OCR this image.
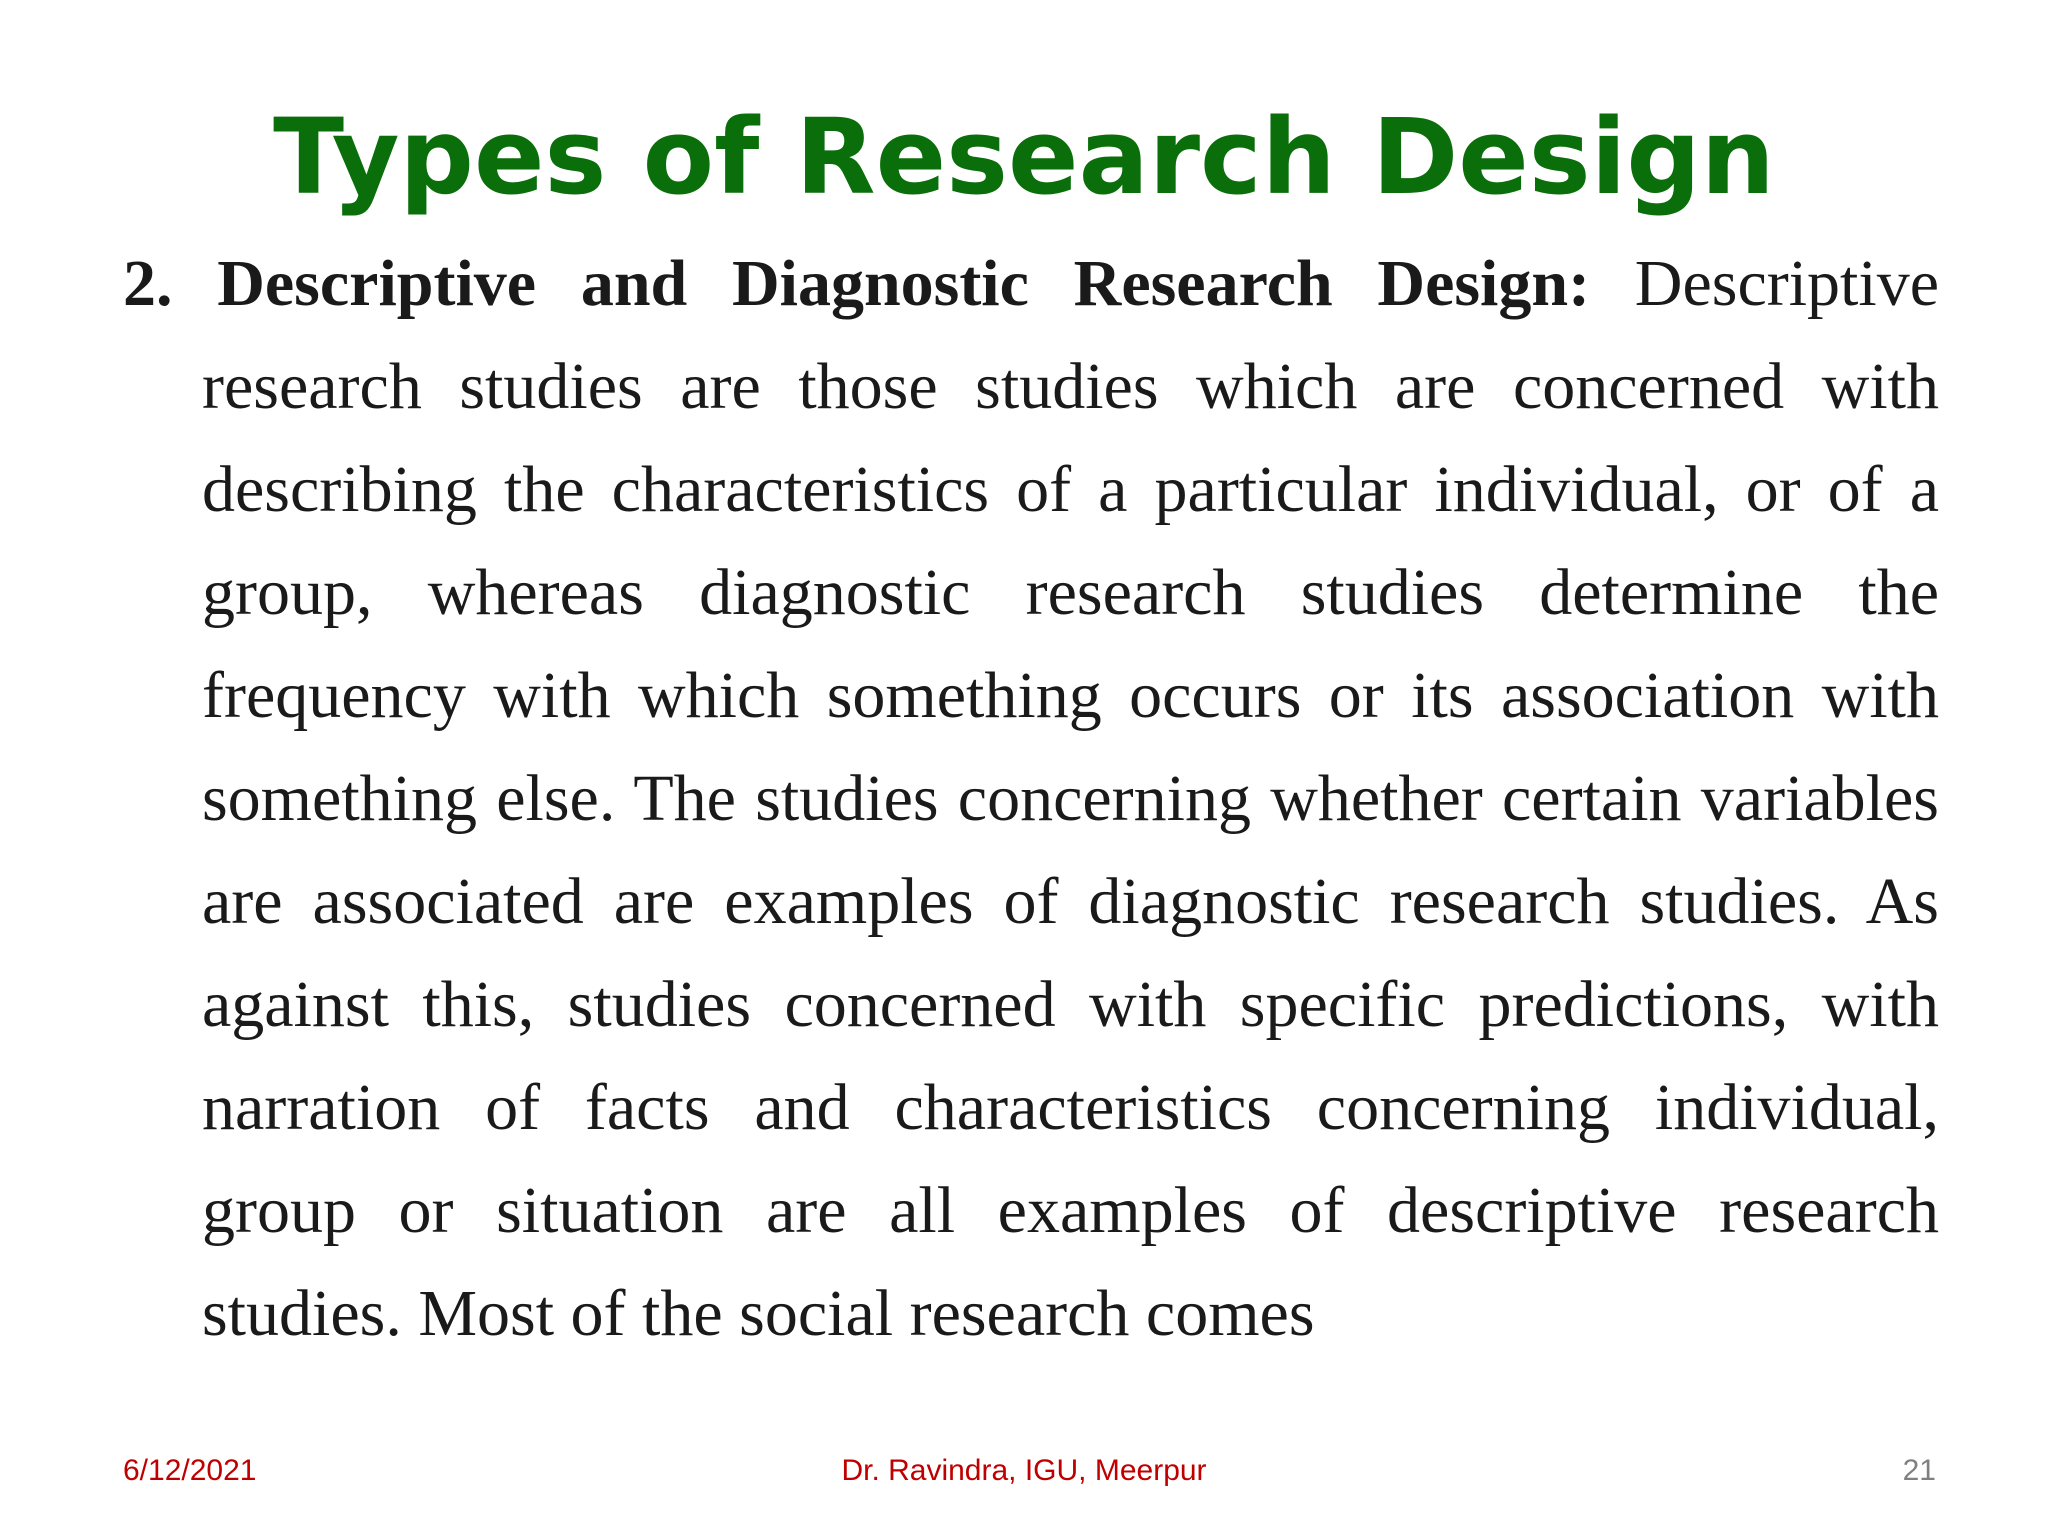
Types of Research Design

2. Descriptive and Diagnostic Research Design: Descriptive research studies are those studies which are concerned with describing the characteristics of a particular individual, or of a group, whereas diagnostic research studies determine the frequency with which something occurs or its association with something else. The studies concerning whether certain variables are associated are examples of diagnostic research studies. As against this, studies concerned with specific predictions, with narration of facts and characteristics concerning individual, group or situation are all examples of descriptive research studies. Most of the social research comes

6/12/2021	Dr. Ravindra, IGU, Meerpur	21
